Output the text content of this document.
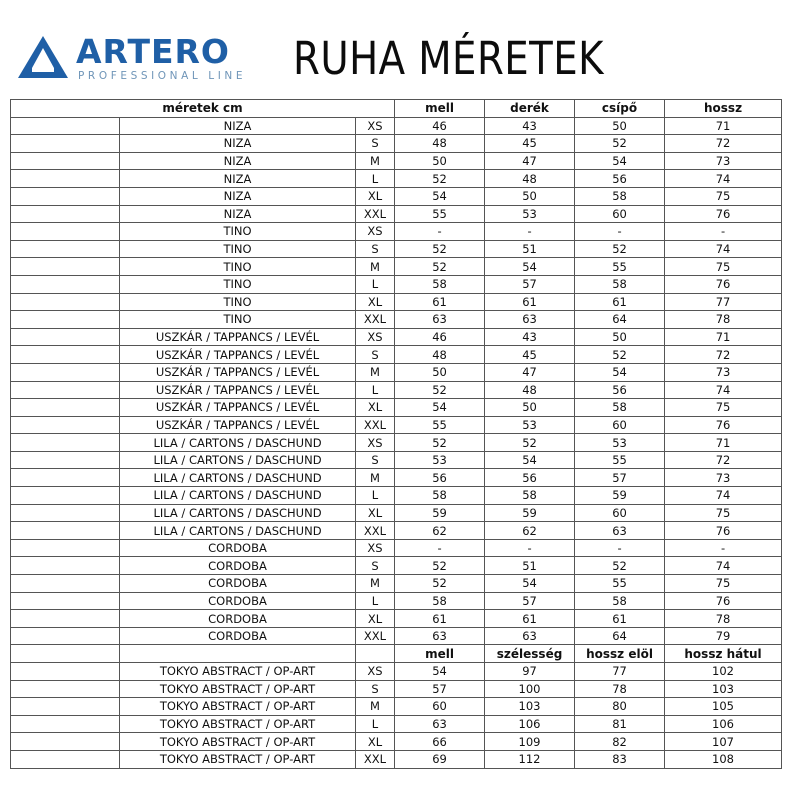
ARTERO
PROFESSIONAL LINE RUHA MÉRETEK
méretek cm			mell	derék	csípő	hossz
	NIZA	XS	46	43	50	71
	NIZA	S	48	45	52	72
	NIZA	M	50	47	54	73
	NIZA	L	52	48	56	74
	NIZA	XL	54	50	58	75
	NIZA	XXL	55	53	60	76
	TINO	XS	-	-	-	-
	TINO	S	52	51	52	74
	TINO	M	52	54	55	75
	TINO	L	58	57	58	76
	TINO	XL	61	61	61	77
	TINO	XXL	63	63	64	78
	USZKÁR / TAPPANCS / LEVÉL	XS	46	43	50	71
	USZKÁR / TAPPANCS / LEVÉL	S	48	45	52	72
	USZKÁR / TAPPANCS / LEVÉL	M	50	47	54	73
	USZKÁR / TAPPANCS / LEVÉL	L	52	48	56	74
	USZKÁR / TAPPANCS / LEVÉL	XL	54	50	58	75
	USZKÁR / TAPPANCS / LEVÉL	XXL	55	53	60	76
	LILA / CARTONS / DASCHUND	XS	52	52	53	71
	LILA / CARTONS / DASCHUND	S	53	54	55	72
	LILA / CARTONS / DASCHUND	M	56	56	57	73
	LILA / CARTONS / DASCHUND	L	58	58	59	74
	LILA / CARTONS / DASCHUND	XL	59	59	60	75
	LILA / CARTONS / DASCHUND	XXL	62	62	63	76
	CORDOBA	XS	-	-	-	-
	CORDOBA	S	52	51	52	74
	CORDOBA	M	52	54	55	75
	CORDOBA	L	58	57	58	76
	CORDOBA	XL	61	61	61	78
	CORDOBA	XXL	63	63	64	79
			mell	szélesség	hossz elöl	hossz hátul
	TOKYO ABSTRACT / OP-ART	XS	54	97	77	102
	TOKYO ABSTRACT / OP-ART	S	57	100	78	103
	TOKYO ABSTRACT / OP-ART	M	60	103	80	105
	TOKYO ABSTRACT / OP-ART	L	63	106	81	106
	TOKYO ABSTRACT / OP-ART	XL	66	109	82	107
	TOKYO ABSTRACT / OP-ART	XXL	69	112	83	108
